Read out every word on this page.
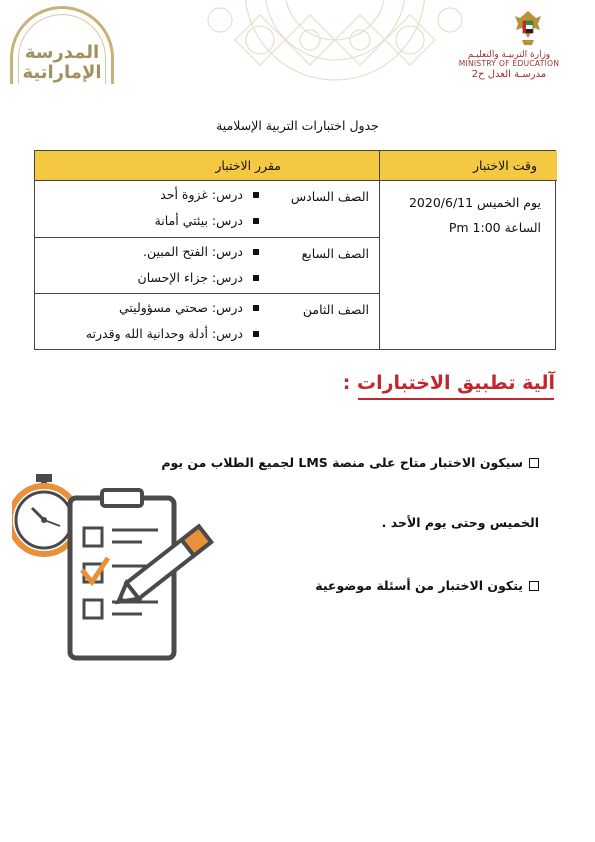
المدرسة
الإماراتية
وزارة التربيـة والتعليـم
MINISTRY OF EDUCATION
مدرسـة العدل ح2
جدول اختبارات التربية الإسلامية
وقت الاختبار
مقرر الاختبار
يوم الخميس 2020/6/11
الساعة Pm 1:00
الصف السادس
درس: غزوة أحد
درس: بيئتي أمانة
الصف السابع
درس: الفتح المبين.
درس: جزاء الإحسان
الصف الثامن
درس: صحتي مسؤوليتي
درس: أدلة وحدانية الله وقدرته
آلية تطبيق الاختبارات :
سيكون الاختبار متاح على منصة LMS لجميع الطلاب من يوم
الخميس وحتى يوم الأحد .
يتكون الاختبار من أسئلة موضوعية
